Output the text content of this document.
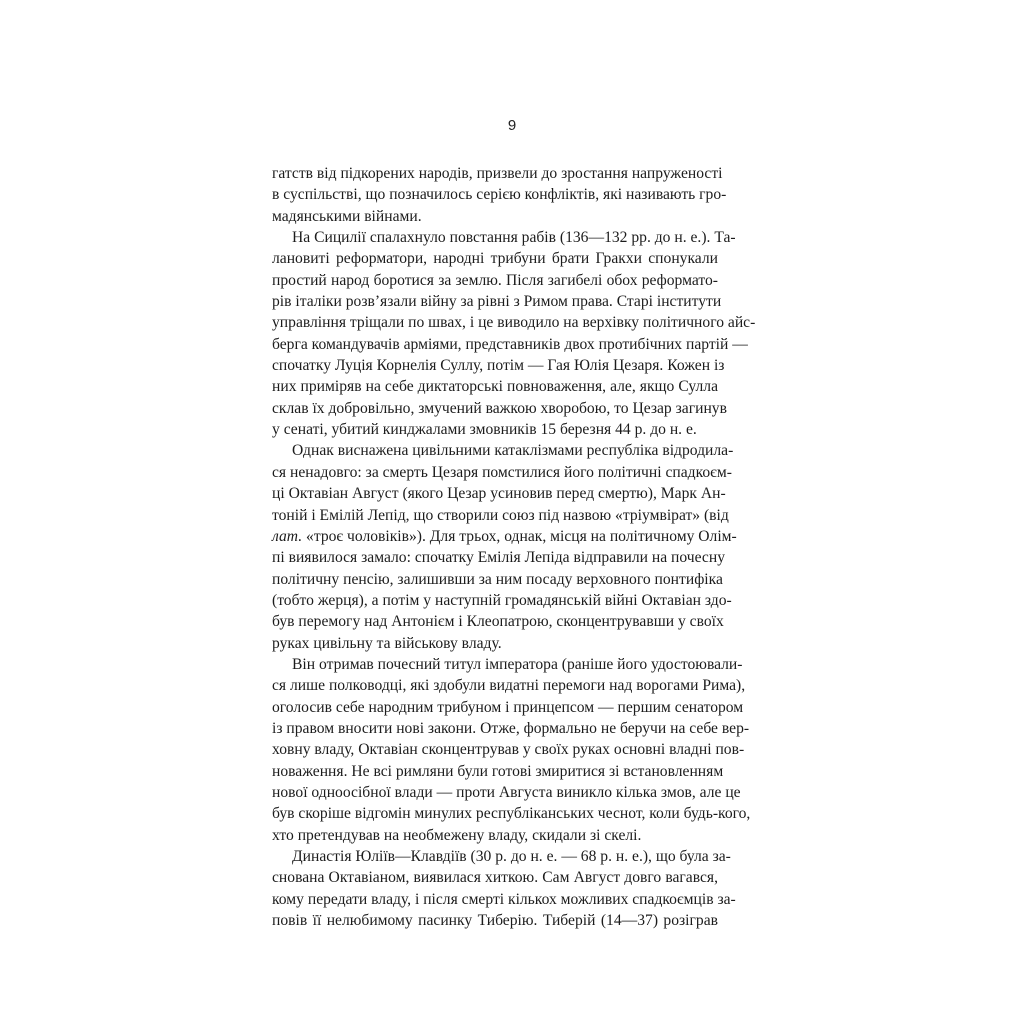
9
гатств від підкорених народів, призвели до зростання напруженості
в суспільстві, що позначилось серією конфліктів, які називають гро-
мадянськими війнами.
На Сицилії спалахнуло повстання рабів (136—132 рр. до н. е.). Та-
лановиті реформатори, народні трибуни брати Гракхи спонукали
простий народ боротися за землю. Після загибелі обох реформато-
рів італіки розв’язали війну за рівні з Римом права. Старі інститути
управління тріщали по швах, і це виводило на верхівку політичного айс-
берга командувачів арміями, представників двох протибічних партій —
спочатку Луція Корнелія Суллу, потім — Гая Юлія Цезаря. Кожен із
них приміряв на себе диктаторські повноваження, але, якщо Сулла
склав їх добровільно, змучений важкою хворобою, то Цезар загинув
у сенаті, убитий кинджалами змовників 15 березня 44 р. до н. е.
Однак виснажена цивільними катаклізмами республіка відродила-
ся ненадовго: за смерть Цезаря помстилися його політичні спадкоєм-
ці Октавіан Август (якого Цезар усиновив перед смертю), Марк Ан-
тоній і Емілій Лепід, що створили союз під назвою «тріумвірат» (від
лат. «троє чоловіків»). Для трьох, однак, місця на політичному Олім-
пі виявилося замало: спочатку Емілія Лепіда відправили на почесну
політичну пенсію, залишивши за ним посаду верховного понтифіка
(тобто жерця), а потім у наступній громадянській війні Октавіан здо-
був перемогу над Антонієм і Клеопатрою, сконцентрувавши у своїх
руках цивільну та військову владу.
Він отримав почесний титул імператора (раніше його удостоювали-
ся лише полководці, які здобули видатні перемоги над ворогами Рима),
оголосив себе народним трибуном і принцепсом — першим сенатором
із правом вносити нові закони. Отже, формально не беручи на себе вер-
ховну владу, Октавіан сконцентрував у своїх руках основні владні пов-
новаження. Не всі римляни були готові змиритися зі встановленням
нової одноосібної влади — проти Августа виникло кілька змов, але це
був скоріше відгомін минулих республіканських чеснот, коли будь-кого,
хто претендував на необмежену владу, скидали зі скелі.
Династія Юліїв—Клавдіїв (30 р. до н. е. — 68 р. н. е.), що була за-
снована Октавіаном, виявилася хиткою. Сам Август довго вагався,
кому передати владу, і після смерті кількох можливих спадкоємців за-
повів її нелюбимому пасинку Тиберію. Тиберій (14—37) розіграв
